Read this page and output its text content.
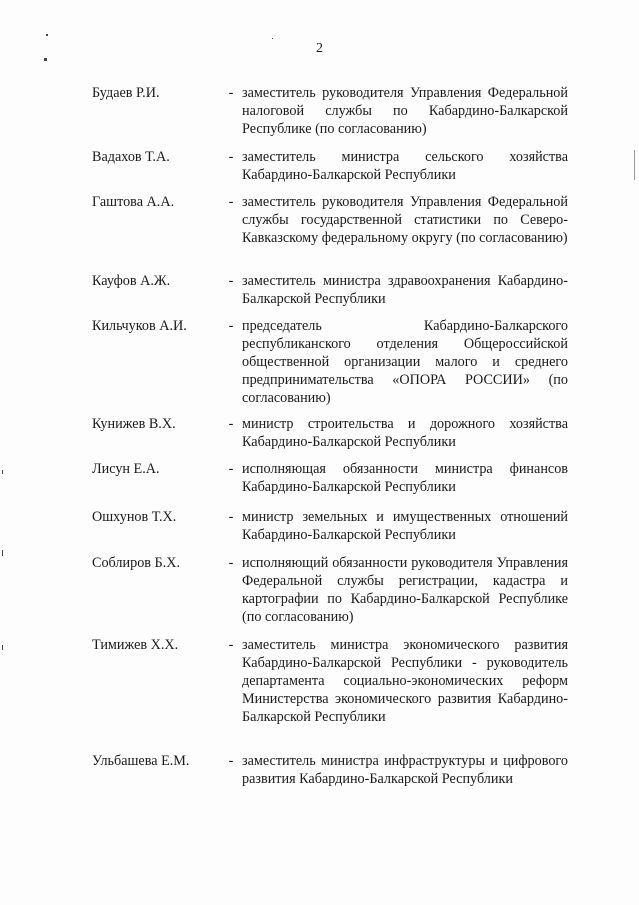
2
Будаев Р.И.	- заместитель руководителя Управления Федеральной налоговой службы по Кабардино-Балкарской Республике (по согласованию)
Вадахов Т.А.	- заместитель министра сельского хозяйства Кабардино-Балкарской Республики
Гаштова А.А.	- заместитель руководителя Управления Федеральной службы государственной статистики по Северо-Кавказскому федеральному округу (по согласованию)
Кауфов А.Ж.	- заместитель министра здравоохранения Кабардино-Балкарской Республики
Кильчуков А.И.	- председатель Кабардино-Балкарского республиканского отделения Общероссийской общественной организации малого и среднего предпринимательства «ОПОРА РОССИИ» (по согласованию)
Кунижев В.Х.	- министр строительства и дорожного хозяйства Кабардино-Балкарской Республики
Лисун Е.А.	- исполняющая обязанности министра финансов Кабардино-Балкарской Республики
Ошхунов Т.Х.	- министр земельных и имущественных отношений Кабардино-Балкарской Республики
Соблиров Б.Х.	- исполняющий обязанности руководителя Управления Федеральной службы регистрации, кадастра и картографии по Кабардино-Балкарской Республике (по согласованию)
Тимижев Х.Х.	- заместитель министра экономического развития Кабардино-Балкарской Республики - руководитель департамента социально-экономических реформ Министерства экономического развития Кабардино-Балкарской Республики
Ульбашева Е.М.	- заместитель министра инфраструктуры и цифрового развития Кабардино-Балкарской Республики
